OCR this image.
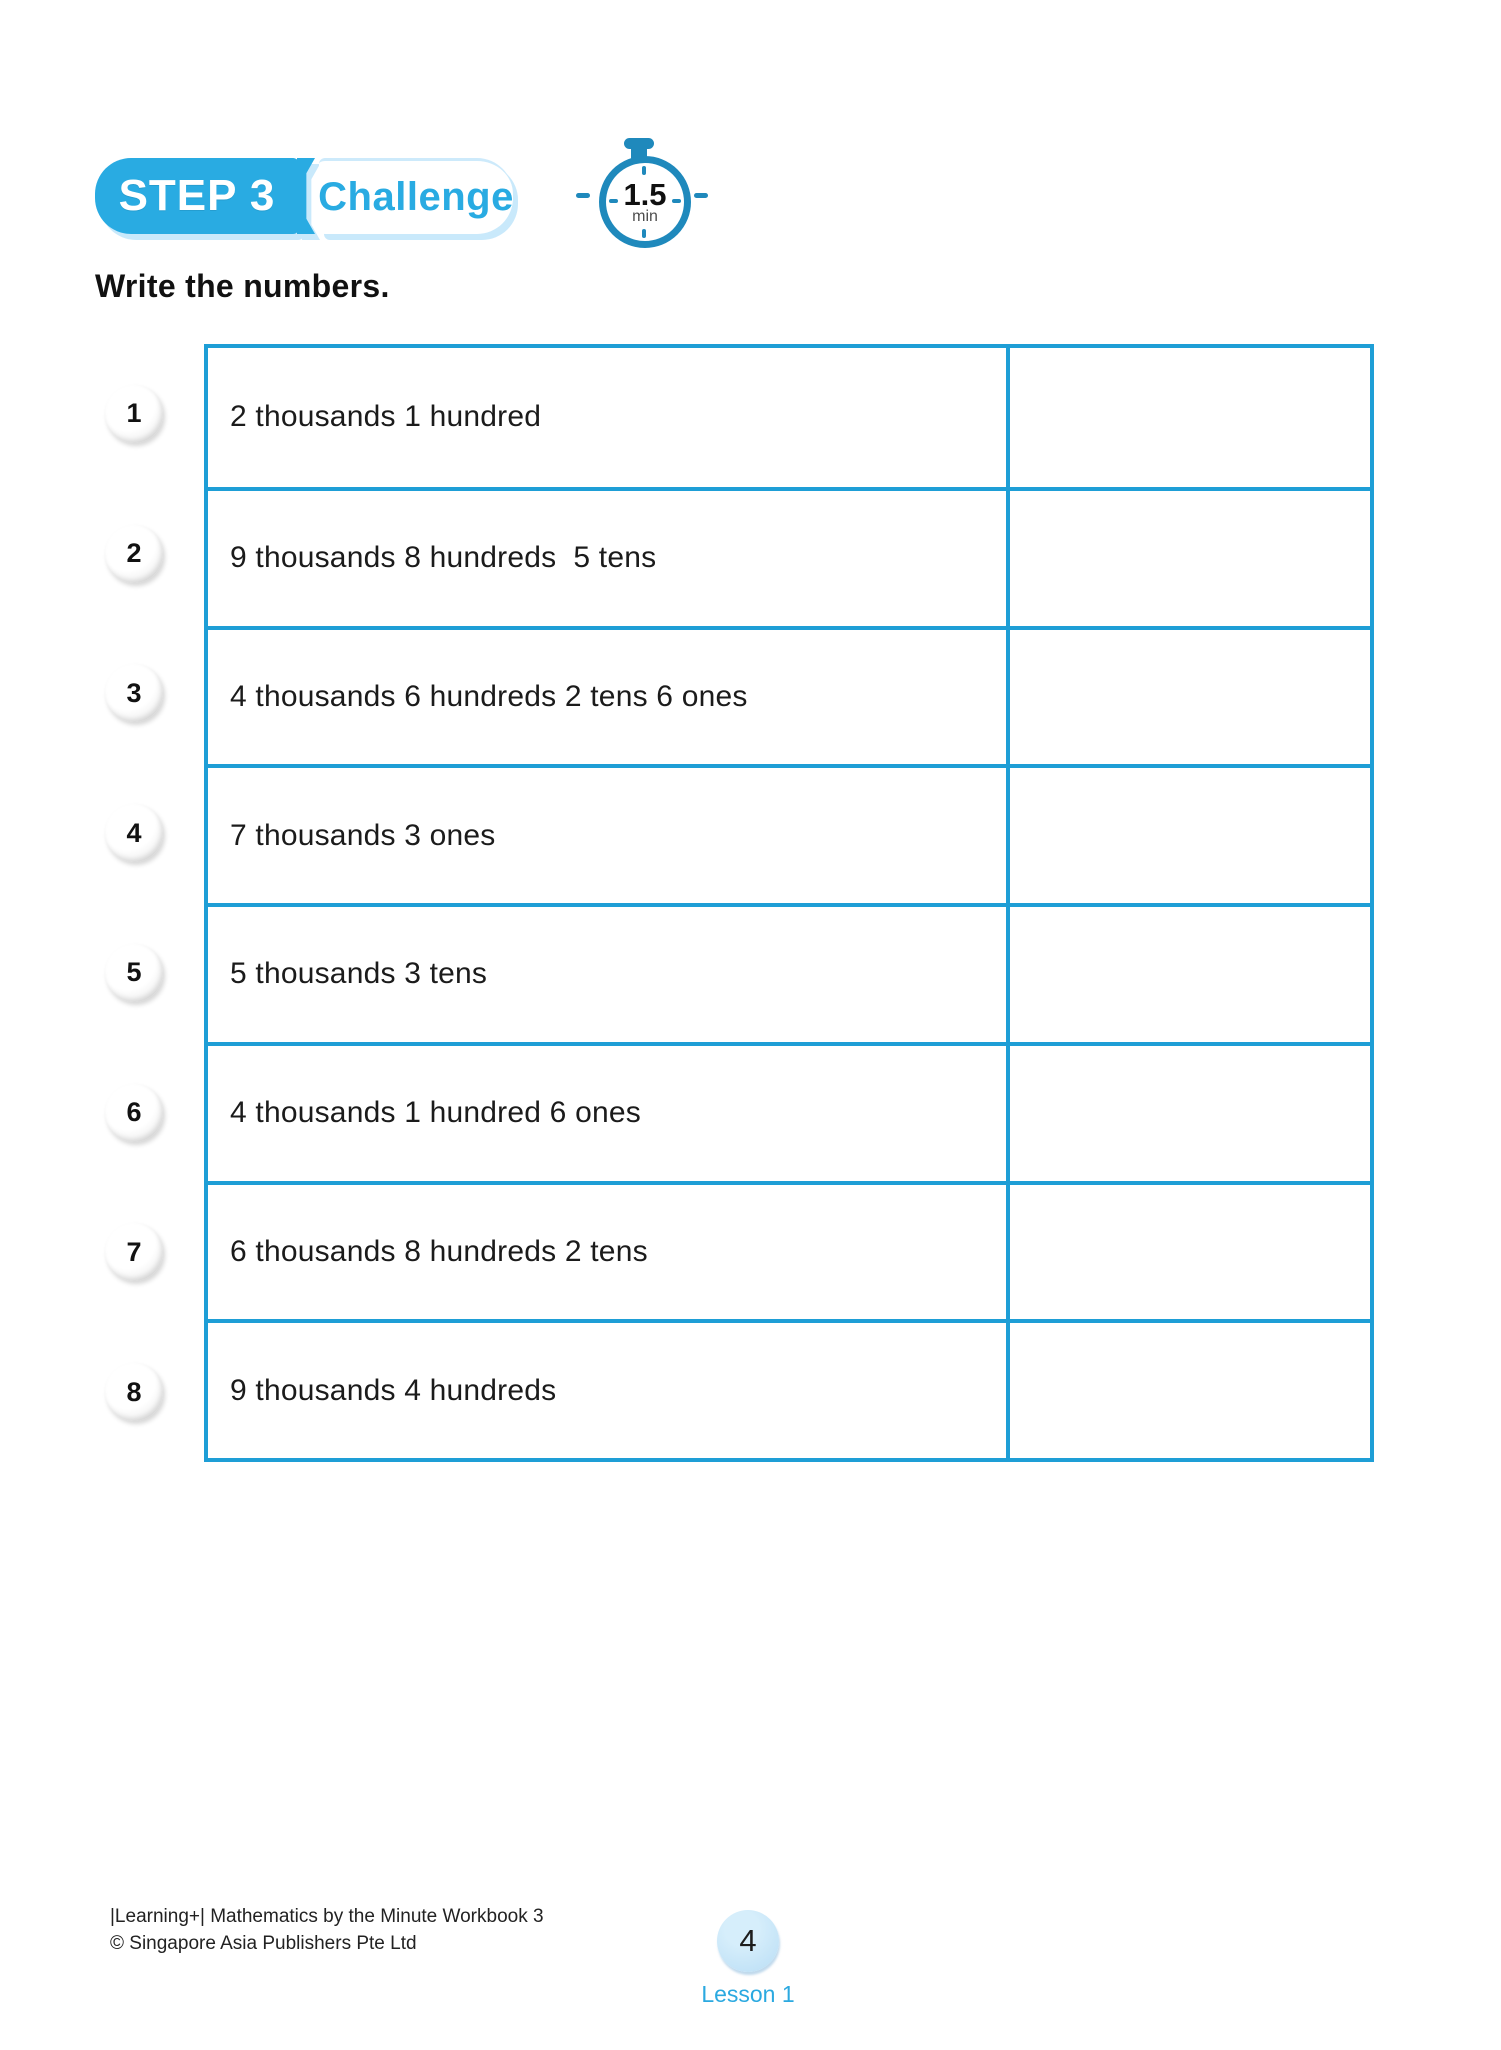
STEP 3 Challenge	1.5
min
Write the numbers.
1
2
3
4
5
6
7
8
2 thousands 1 hundred
9 thousands 8 hundreds  5 tens
4 thousands 6 hundreds 2 tens 6 ones
7 thousands 3 ones
5 thousands 3 tens
4 thousands 1 hundred 6 ones
6 thousands 8 hundreds 2 tens
9 thousands 4 hundreds
|Learning+| Mathematics by the Minute Workbook 3
© Singapore Asia Publishers Pte Ltd	4
Lesson 1
